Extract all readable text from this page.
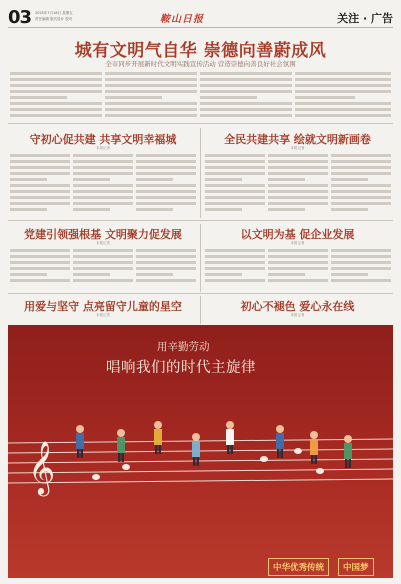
03 2025年7月18日 星期五
责任编辑 版式设计 校对	鞍山日报	关注 · 广告
城有文明气自华 崇德向善蔚成风
全市同步开展新时代文明实践宣传活动 营造崇德向善良好社会氛围
守初心促共建 共享文明幸福城
本报记者
全民共建共享 绘就文明新画卷
本报记者
党建引领强根基 文明聚力促发展
本报记者
以文明为基 促企业发展
本报记者
用爱与坚守 点亮留守儿童的星空
本报记者
初心不褪色 爱心永在线
本报记者
用辛勤劳动
唱响我们的时代主旋律
𝄞
中华优秀传统	中国梦
